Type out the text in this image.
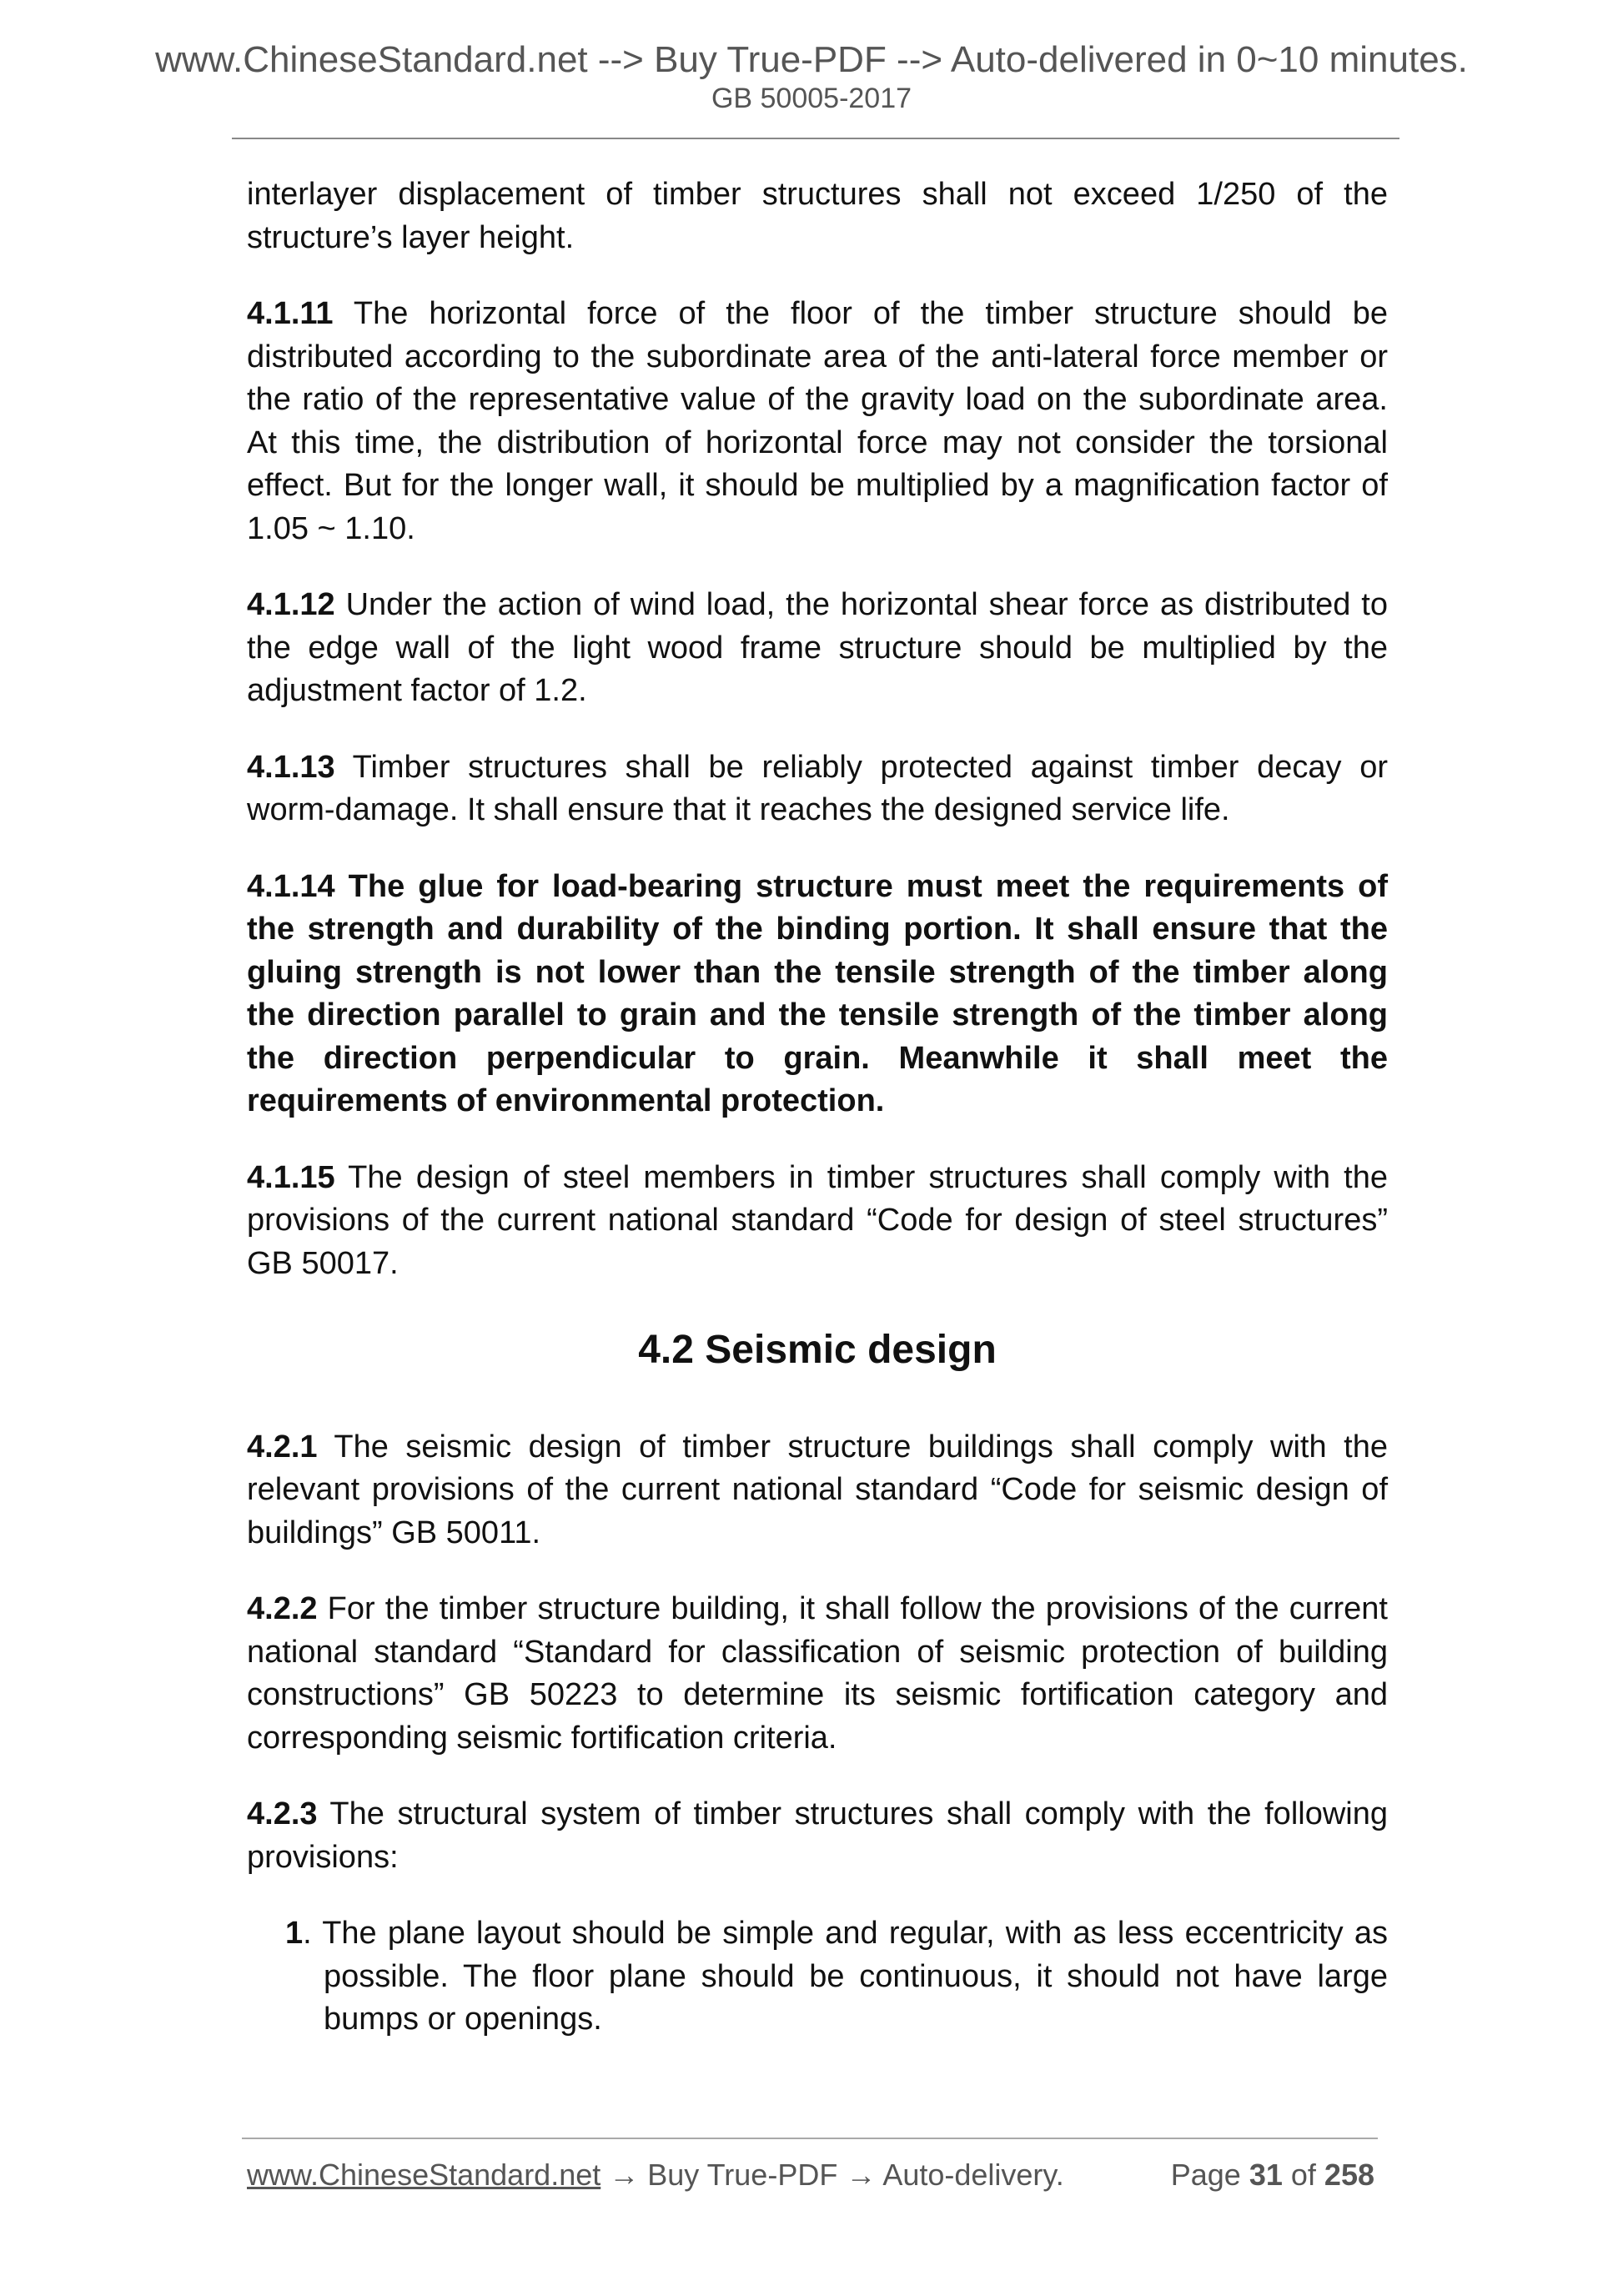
www.ChineseStandard.net --> Buy True-PDF --> Auto-delivered in 0~10 minutes.
GB 50005-2017

interlayer displacement of timber structures shall not exceed 1/250 of the structure’s layer height.

4.1.11 The horizontal force of the floor of the timber structure should be distributed according to the subordinate area of the anti-lateral force member or the ratio of the representative value of the gravity load on the subordinate area. At this time, the distribution of horizontal force may not consider the torsional effect. But for the longer wall, it should be multiplied by a magnification factor of 1.05 ~ 1.10.

4.1.12 Under the action of wind load, the horizontal shear force as distributed to the edge wall of the light wood frame structure should be multiplied by the adjustment factor of 1.2.

4.1.13 Timber structures shall be reliably protected against timber decay or worm-damage. It shall ensure that it reaches the designed service life.

4.1.14 The glue for load-bearing structure must meet the requirements of the strength and durability of the binding portion. It shall ensure that the gluing strength is not lower than the tensile strength of the timber along the direction parallel to grain and the tensile strength of the timber along the direction perpendicular to grain. Meanwhile it shall meet the requirements of environmental protection.

4.1.15 The design of steel members in timber structures shall comply with the provisions of the current national standard “Code for design of steel structures” GB 50017.

4.2 Seismic design

4.2.1 The seismic design of timber structure buildings shall comply with the relevant provisions of the current national standard “Code for seismic design of buildings” GB 50011.

4.2.2 For the timber structure building, it shall follow the provisions of the current national standard “Standard for classification of seismic protection of building constructions” GB 50223 to determine its seismic fortification category and corresponding seismic fortification criteria.

4.2.3 The structural system of timber structures shall comply with the following provisions:

1. The plane layout should be simple and regular, with as less eccentricity as possible. The floor plane should be continuous, it should not have large bumps or openings.

www.ChineseStandard.net → Buy True-PDF → Auto-delivery.	Page 31 of 258
